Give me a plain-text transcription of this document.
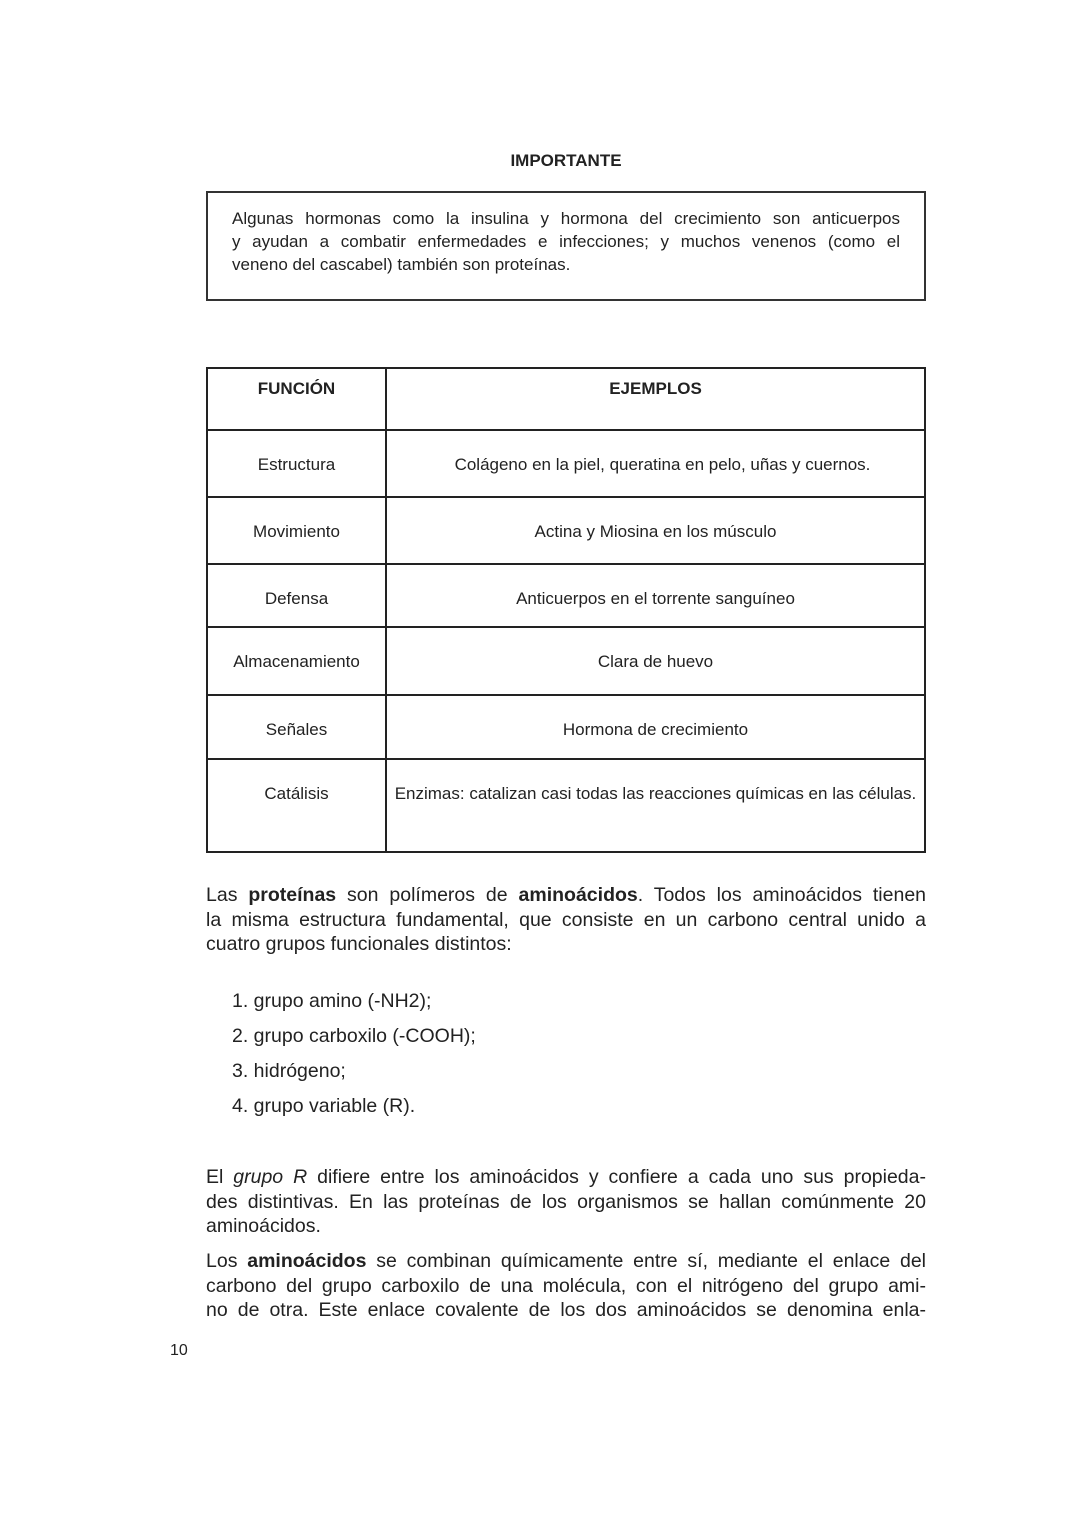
IMPORTANTE
Algunas hormonas como la insulina y hormona del crecimiento son anticuerpos
y ayudan a combatir enfermedades e infecciones; y muchos venenos (como el
veneno del cascabel) también son proteínas.
FUNCIÓN	EJEMPLOS
Estructura	Colágeno en la piel, queratina en pelo, uñas y cuernos.
Movimiento	Actina y Miosina en los músculo
Defensa	Anticuerpos en el torrente sanguíneo
Almacenamiento	Clara de huevo
Señales	Hormona de crecimiento
Catálisis	Enzimas: catalizan casi todas las reacciones químicas en las células.
Las proteínas son polímeros de aminoácidos. Todos los aminoácidos tienen
la misma estructura fundamental, que consiste en un carbono central unido a
cuatro grupos funcionales distintos:
1. grupo amino (-NH2);
2. grupo carboxilo (-COOH);
3. hidrógeno;
4. grupo variable (R).
El grupo R difiere entre los aminoácidos y confiere a cada uno sus propieda-
des distintivas. En las proteínas de los organismos se hallan comúnmente 20
aminoácidos.
Los aminoácidos se combinan químicamente entre sí, mediante el enlace del
carbono del grupo carboxilo de una molécula, con el nitrógeno del grupo ami-
no de otra. Este enlace covalente de los dos aminoácidos se denomina enla-
10
